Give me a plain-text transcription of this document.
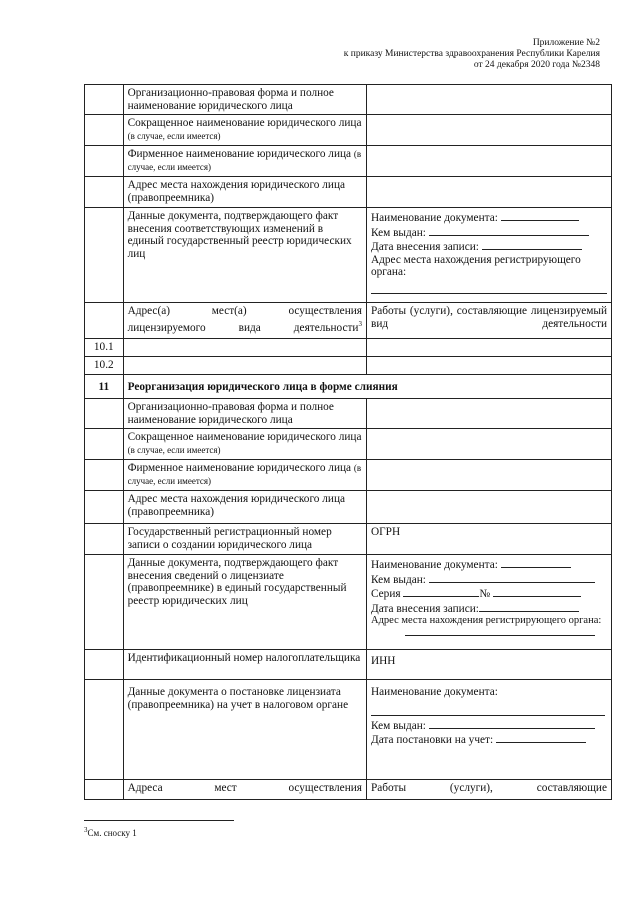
Приложение №2
к приказу Министерства здравоохранения Республики Карелия
от 24 декабря 2020 года №2348
	Организационно-правовая форма и полное наименование юридического лица	
	Сокращенное наименование юридического лица (в случае, если имеется)	
	Фирменное наименование юридического лица (в случае, если имеется)	
	Адрес места нахождения юридического лица (правопреемника)	
	Данные документа, подтверждающего факт внесения соответствующих изменений в единый государственный реестр юридических лиц	Наименование документа:
Кем выдан:
Дата внесения записи:
Адрес места нахождения регистрирующего органа:

	Адрес(а) мест(а) осуществления лицензируемого вида деятельности$^3$	Работы (услуги), составляющие лицензируемый вид деятельности
10.1		
10.2		
11	Реорганизация юридического лица в форме слияния	
	Организационно-правовая форма и полное наименование юридического лица	
	Сокращенное наименование юридического лица (в случае, если имеется)	
	Фирменное наименование юридического лица (в случае, если имеется)	
	Адрес места нахождения юридического лица (правопреемника)	
	Государственный регистрационный номер записи о создании юридического лица	ОГРН
	Данные документа, подтверждающего факт внесения сведений о лицензиате (правопреемнике) в единый государственный реестр юридических лиц	Наименование документа:
Кем выдан:
Серия №
Дата внесения записи:
Адрес места нахождения регистрирующего органа:

	Идентификационный номер налогоплательщика	ИНН
	Данные документа о постановке лицензиата (правопреемника) на учет в налоговом органе	Наименование документа:
Кем выдан:
Дата постановки на учет:

	Адреса мест осуществления	Работы (услуги), составляющие
$^3$См. сноску 1
